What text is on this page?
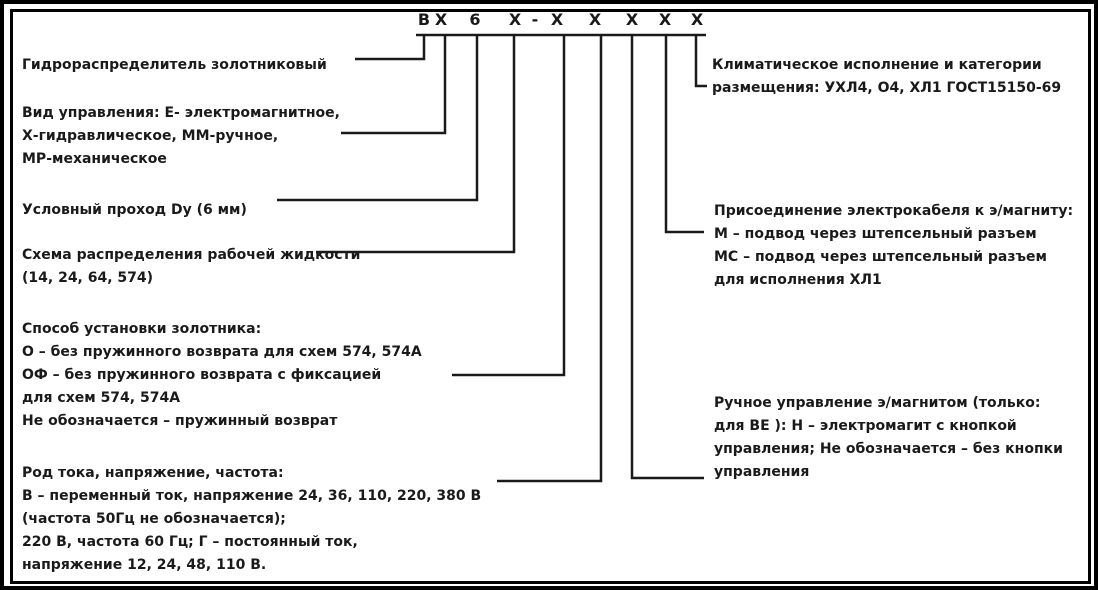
В Х	6	Х - Х	Х	Х	Х	Х
Гидрораспределитель золотниковый
Вид управления: Е- электромагнитное,
Х-гидравлическое, ММ-ручное,
МР-механическое
Условный проход Dу (6 мм)
Схема распределения рабочей жидкости
(14, 24, 64, 574)
Способ установки золотника:
О – без пружинного возврата для схем 574, 574А
ОФ – без пружинного возврата с фиксацией
для схем 574, 574А
Не обозначается – пружинный возврат
Род тока, напряжение, частота:
В – переменный ток, напряжение 24, 36, 110, 220, 380 В
(частота 50Гц не обозначается);
220 В, частота 60 Гц; Г – постоянный ток,
напряжение 12, 24, 48, 110 В.
Климатическое исполнение и категории
размещения: УХЛ4, О4, ХЛ1 ГОСТ15150-69
Присоединение электрокабеля к э/магниту:
М – подвод через штепсельный разъем
МС – подвод через штепсельный разъем
для исполнения ХЛ1
Ручное управление э/магнитом (только:
для ВЕ ): Н – электромагит с кнопкой
управления; Не обозначается – без кнопки
управления
